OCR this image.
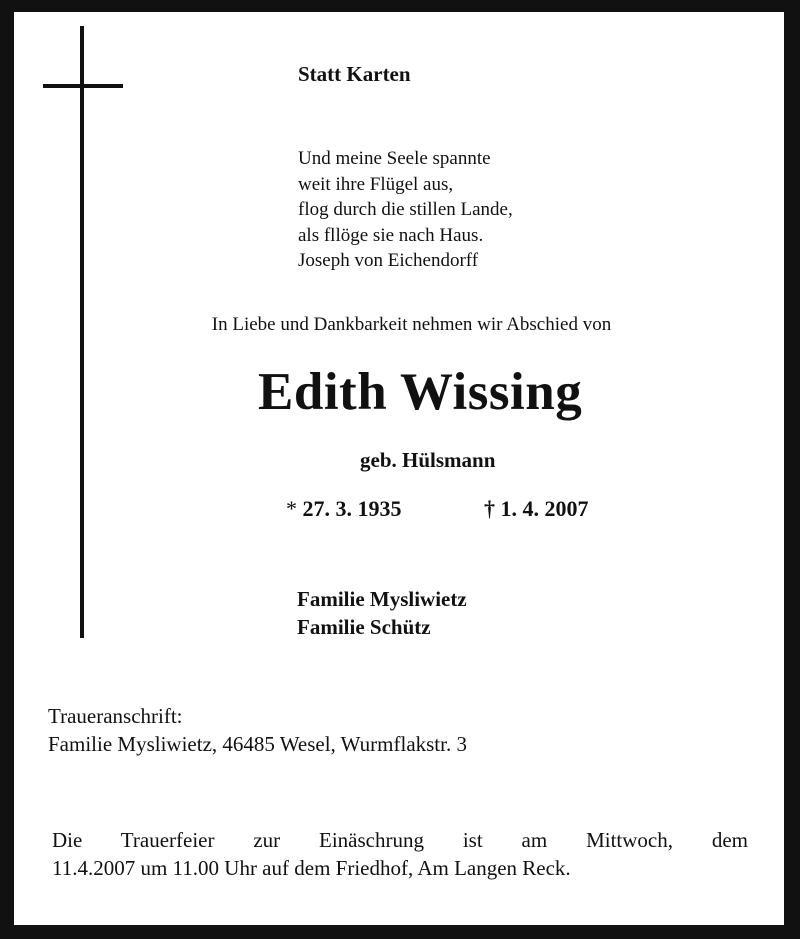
Statt Karten
Und meine Seele spannte
weit ihre Flügel aus,
flog durch die stillen Lande,
als fllöge sie nach Haus.
Joseph von Eichendorff
In Liebe und Dankbarkeit nehmen wir Abschied von
Edith Wissing
geb. Hülsmann
* 27. 3. 1935	† 1. 4. 2007
Familie Mysliwietz
Familie Schütz
Traueranschrift:
Familie Mysliwietz, 46485 Wesel, Wurmflakstr. 3
Die Trauerfeier zur Einäschrung ist am Mittwoch, dem
11.4.2007 um 11.00 Uhr auf dem Friedhof, Am Langen Reck.
